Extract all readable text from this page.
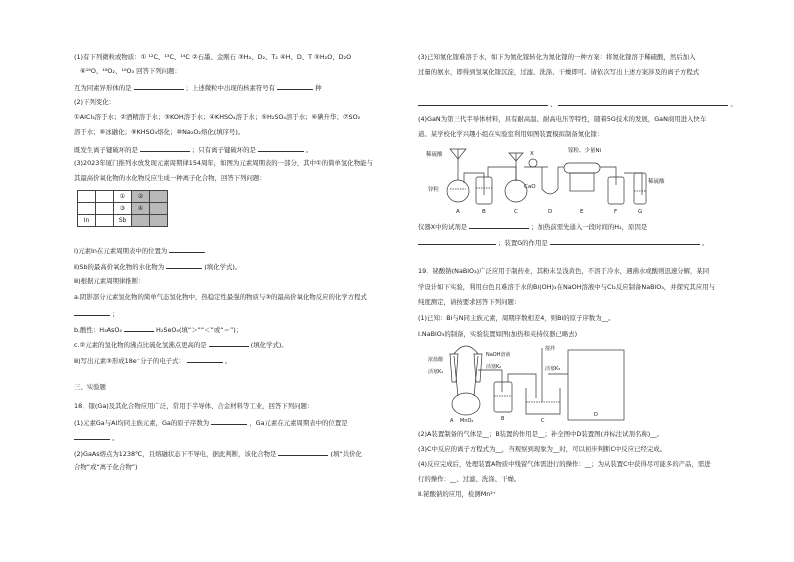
(1)有下列微粒或物质：① ¹²C、¹³C、¹⁴C ②石墨、金刚石 ③H₂、D₂、T₂ ④H、D、T ⑤H₂O、D₂O
⑥¹⁶O、¹⁸O₂、¹⁸O₃ 回答下列问题：
互为同素异形体的是	；上述微粒中出现的核素符号有	种
(2)下列变化：
①AlCl₃溶于水；②酒精溶于水；③KOH溶于水；④KHSO₄溶于水；⑤H₂SO₄溶于水；⑥碘升华；⑦SO₂
溶于水；⑧冰融化；⑨KHSO₄熔化；⑩Na₂O₂熔化(填序号)。
既发生离子键破坏的是	；只有离子键破坏的是	。
(3)2023年厦门推列水放发现元素周期律154周年，如图为元素周期表的一部分，其中①的简单氢化物能与
其最高价氧化物的水化物反应生成一种离子化合物，回答下列问题：
		①	②	
		③	④	
In		Sb		
ⅰ)元素In在元素周期表中的位置为
ⅱ)Sb的最高价氧化物的水化物为	(填化学式)。
ⅲ)根据元素周期律推断：
a.阴影部分元素氢化物的简单气态氢化物中，热稳定性最强的物质与③的最高价氧化物反应的化学方程式
；
b.酸性：H₃AsO₄	H₂SeO₄(填“＞”“＜”或“＝”)；
c.②元素的氢化物的沸点比硫化氢沸点更高的是	(填化学式)。
ⅲ)写出元素③形成18e⁻分子的电子式：	。
三、实验题
18．镓(Ga)及其化合物应用广泛，常用于半导体、合金材料等工业，回答下列问题：
(1)元素Ga与Al均同主族元素，Ga的原子序数为	，Ga元素在元素周期表中的位置是
。
(2)GaAs熔点为1238℃，且熔融状态下不导电，据此判断，该化合物是	(填“共价化
合物”或“离子化合物”)
(3)已知氮化镓难溶于水，如下为氮化镓转化为氮化镓的一种方案：将氮化镓溶于稀硫酸，然后加入
过量的氨水，即得到氢氧化镓沉淀，过滤、洗涤、干燥即可。请依次写出上述方案涉及的离子方程式
、	。
(4)GaN为第三代半导体材料，具有耐高温、耐高电压等特性，随着5G技术的发展，GaN商用进入快车
道。某学校化学兴趣小组在实验室利用如图装置模拟制备氮化镓：
稀硫酸
锌粒
镓粉、少量Ni
稀硫酸
CaO
X
A	B	C	D	E	F	G
仪器X中的试剂是	；加热前需先通入一段时间的H₂，原因是
；装置G的作用是	。
19．铋酸钠(NaBiO₃)广泛应用于制药业，其粉末呈浅黄色，不溶于冷水，遇沸水或酸则迅速分解，某同
学设计如下实验，利用白色且难溶于水的Bi(OH)₃在NaOH溶液中与Cl₂反应制备NaBiO₃，并探究其应用与
纯度测定，请按要求回答下列问题：
(1)已知：Bi与N同主族元素，周期序数相差4，则Bi的原子序数为__。
Ⅰ.NaBiO₃的制备，实验装置如图(加热和夹持仪器已略去)
浓盐酸
活塞K₁
NaOH溶液
活塞K₂
搅拌
活塞K₃
MnO₂
A	B	C
D
(2)A装置制备的气体是__；B装置的作用是__；补全图中D装置图(并标注试剂名称)__。
(3)C中反应的离子方程式为__，当观察到现象为__时，可以初步判断C中反应已经完成。
(4)反应完成后，处理装置A物质中残留气体需进行的操作：__；为从装置C中获得尽可能多的产品，需进
行的操作：__、过滤、洗涤、干燥。
Ⅱ.铋酸钠的应用，检测Mn²⁺
